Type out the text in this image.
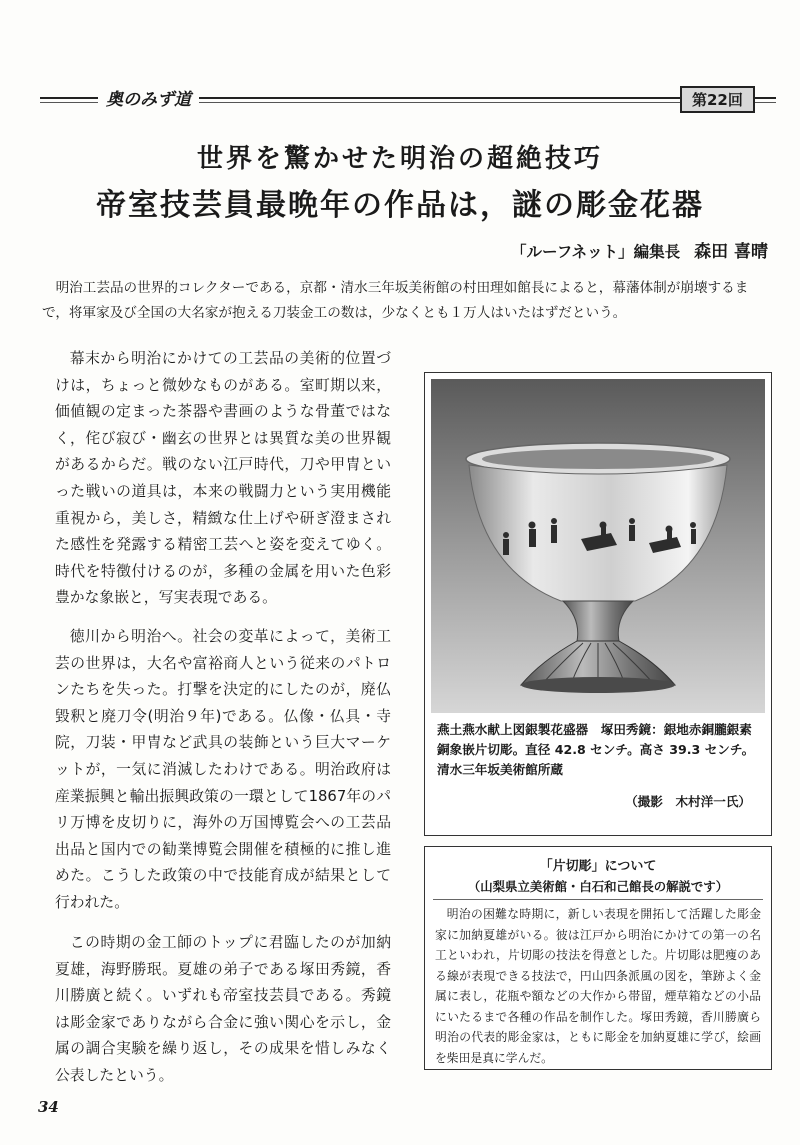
奥のみず道	第22回
世界を驚かせた明治の超絶技巧
帝室技芸員最晩年の作品は，謎の彫金花器
「ルーフネット」編集長 森田 喜晴
明治工芸品の世界的コレクターである，京都・清水三年坂美術館の村田理如館長によると，幕藩体制が崩壊するまで，将軍家及び全国の大名家が抱える刀装金工の数は，少なくとも１万人はいたはずだという。
幕末から明治にかけての工芸品の美術的位置づけは，ちょっと微妙なものがある。室町期以来，価値観の定まった茶器や書画のような骨董ではなく，侘び寂び・幽玄の世界とは異質な美の世界観があるからだ。戦のない江戸時代，刀や甲冑といった戦いの道具は，本来の戦闘力という実用機能重視から，美しさ，精緻な仕上げや研ぎ澄まされた感性を発露する精密工芸へと姿を変えてゆく。時代を特徴付けるのが，多種の金属を用いた色彩豊かな象嵌と，写実表現である。
徳川から明治へ。社会の変革によって，美術工芸の世界は，大名や富裕商人という従来のパトロンたちを失った。打撃を決定的にしたのが，廃仏毀釈と廃刀令(明治９年)である。仏像・仏具・寺院，刀装・甲冑など武具の装飾という巨大マーケットが，一気に消滅したわけである。明治政府は産業振興と輸出振興政策の一環として1867年のパリ万博を皮切りに，海外の万国博覧会への工芸品出品と国内での勧業博覧会開催を積極的に推し進めた。こうした政策の中で技能育成が結果として行われた。
この時期の金工師のトップに君臨したのが加納夏雄，海野勝珉。夏雄の弟子である塚田秀鏡，香川勝廣と続く。いずれも帝室技芸員である。秀鏡は彫金家でありながら合金に強い関心を示し，金属の調合実験を繰り返し，その成果を惜しみなく公表したという。
燕土燕水献上図銀製花盛器　塚田秀鏡：銀地赤銅朧銀素銅象嵌片切彫。直径 42.8 センチ。高さ 39.3 センチ。清水三年坂美術館所蔵
（撮影　木村洋一氏）
「片切彫」について
（山梨県立美術館・白石和己館長の解説です）
明治の困難な時期に，新しい表現を開拓して活躍した彫金家に加納夏雄がいる。彼は江戸から明治にかけての第一の名工といわれ，片切彫の技法を得意とした。片切彫は肥痩のある線が表現できる技法で，円山四条派風の図を，筆跡よく金属に表し，花瓶や額などの大作から帯留，煙草箱などの小品にいたるまで各種の作品を制作した。塚田秀鏡，香川勝廣ら明治の代表的彫金家は，ともに彫金を加納夏雄に学び，絵画を柴田是真に学んだ。
34
